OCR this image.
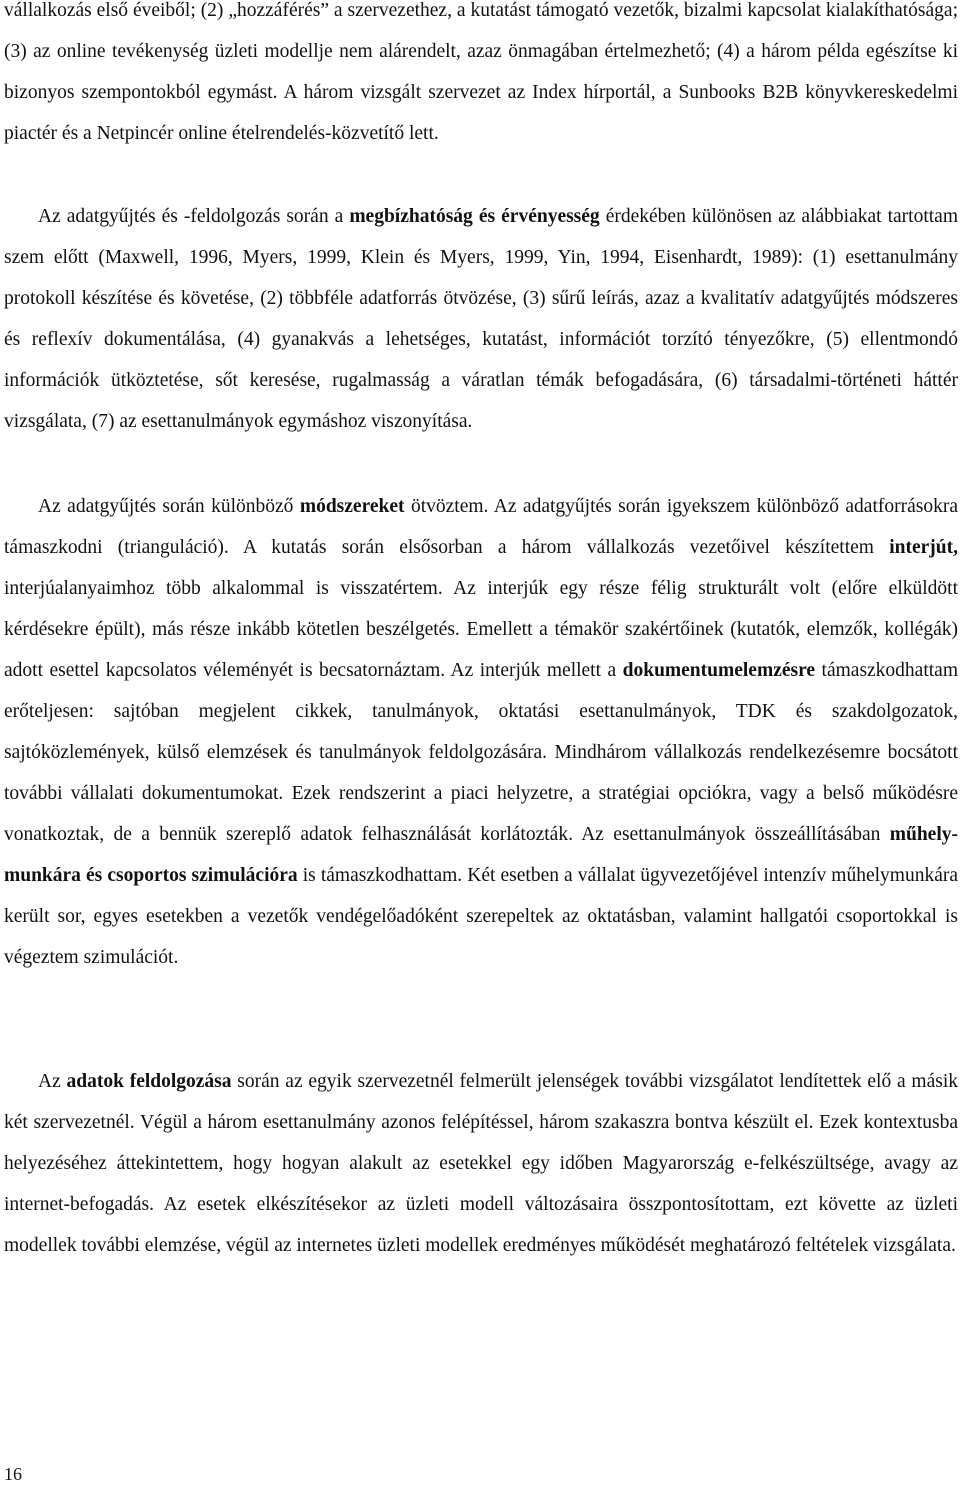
vállalkozás első éveiből; (2) „hozzáférés” a szervezethez, a kutatást támogató vezetők, bizalmi kapcsolat kialakíthatósága; (3) az online tevékenység üzleti modellje nem alárendelt, azaz önmagában értelmezhető; (4) a három példa egészítse ki bizonyos szempontokból egymást. A három vizsgált szervezet az Index hírportál, a Sunbooks B2B könyvkereskedelmi piactér és a Netpincér online ételrendelés-közvetítő lett.

Az adatgyűjtés és -feldolgozás során a megbízhatóság és érvényesség érdekében különösen az alábbiakat tartottam szem előtt (Maxwell, 1996, Myers, 1999, Klein és Myers, 1999, Yin, 1994, Eisenhardt, 1989): (1) esettanulmány protokoll készítése és követése, (2) többféle adatforrás ötvözése, (3) sűrű leírás, azaz a kvalitatív adatgyűjtés módszeres és reflexív dokumentálása, (4) gyanakvás a lehetséges, kutatást, információt torzító tényezőkre, (5) ellentmondó információk ütköztetése, sőt keresése, rugalmasság a váratlan témák befogadására, (6) társadalmi-történeti háttér vizsgálata, (7) az esettanulmányok egymáshoz viszonyítása.

Az adatgyűjtés során különböző módszereket ötvöztem. Az adatgyűjtés során igyekszem különböző adatforrásokra támaszkodni (trianguláció). A kutatás során elsősorban a három vállalkozás vezetőivel készítettem interjút, interjúalanyaimhoz több alkalommal is visszatértem. Az interjúk egy része félig strukturált volt (előre elküldött kérdésekre épült), más része inkább kötetlen beszélgetés. Emellett a témakör szakértőinek (kutatók, elemzők, kollégák) adott esettel kapcsolatos véleményét is becsatornáztam. Az interjúk mellett a dokumentumelemzésre támaszkodhattam erőteljesen: sajtóban megjelent cikkek, tanulmányok, oktatási esettanulmányok, TDK és szakdolgozatok, sajtóközlemények, külső elemzések és tanulmányok feldolgozására. Mindhárom vállalkozás rendelkezésemre bocsátott további vállalati dokumentumokat. Ezek rendszerint a piaci helyzetre, a stratégiai opciókra, vagy a belső működésre vonatkoztak, de a bennük szereplő adatok felhasználását korlátozták. Az esettanulmányok összeállításában műhely-munkára és csoportos szimulációra is támaszkodhattam. Két esetben a vállalat ügyvezetőjével intenzív műhelymunkára került sor, egyes esetekben a vezetők vendégelőadóként szerepeltek az oktatásban, valamint hallgatói csoportokkal is végeztem szimulációt.

Az adatok feldolgozása során az egyik szervezetnél felmerült jelenségek további vizsgálatot lendítettek elő a másik két szervezetnél. Végül a három esettanulmány azonos felépítéssel, három szakaszra bontva készült el. Ezek kontextusba helyezéséhez áttekintettem, hogy hogyan alakult az esetekkel egy időben Magyarország e-felkészültsége, avagy az internet-befogadás. Az esetek elkészítésekor az üzleti modell változásaira összpontosítottam, ezt követte az üzleti modellek további elemzése, végül az internetes üzleti modellek eredményes működését meghatározó feltételek vizsgálata.

16
